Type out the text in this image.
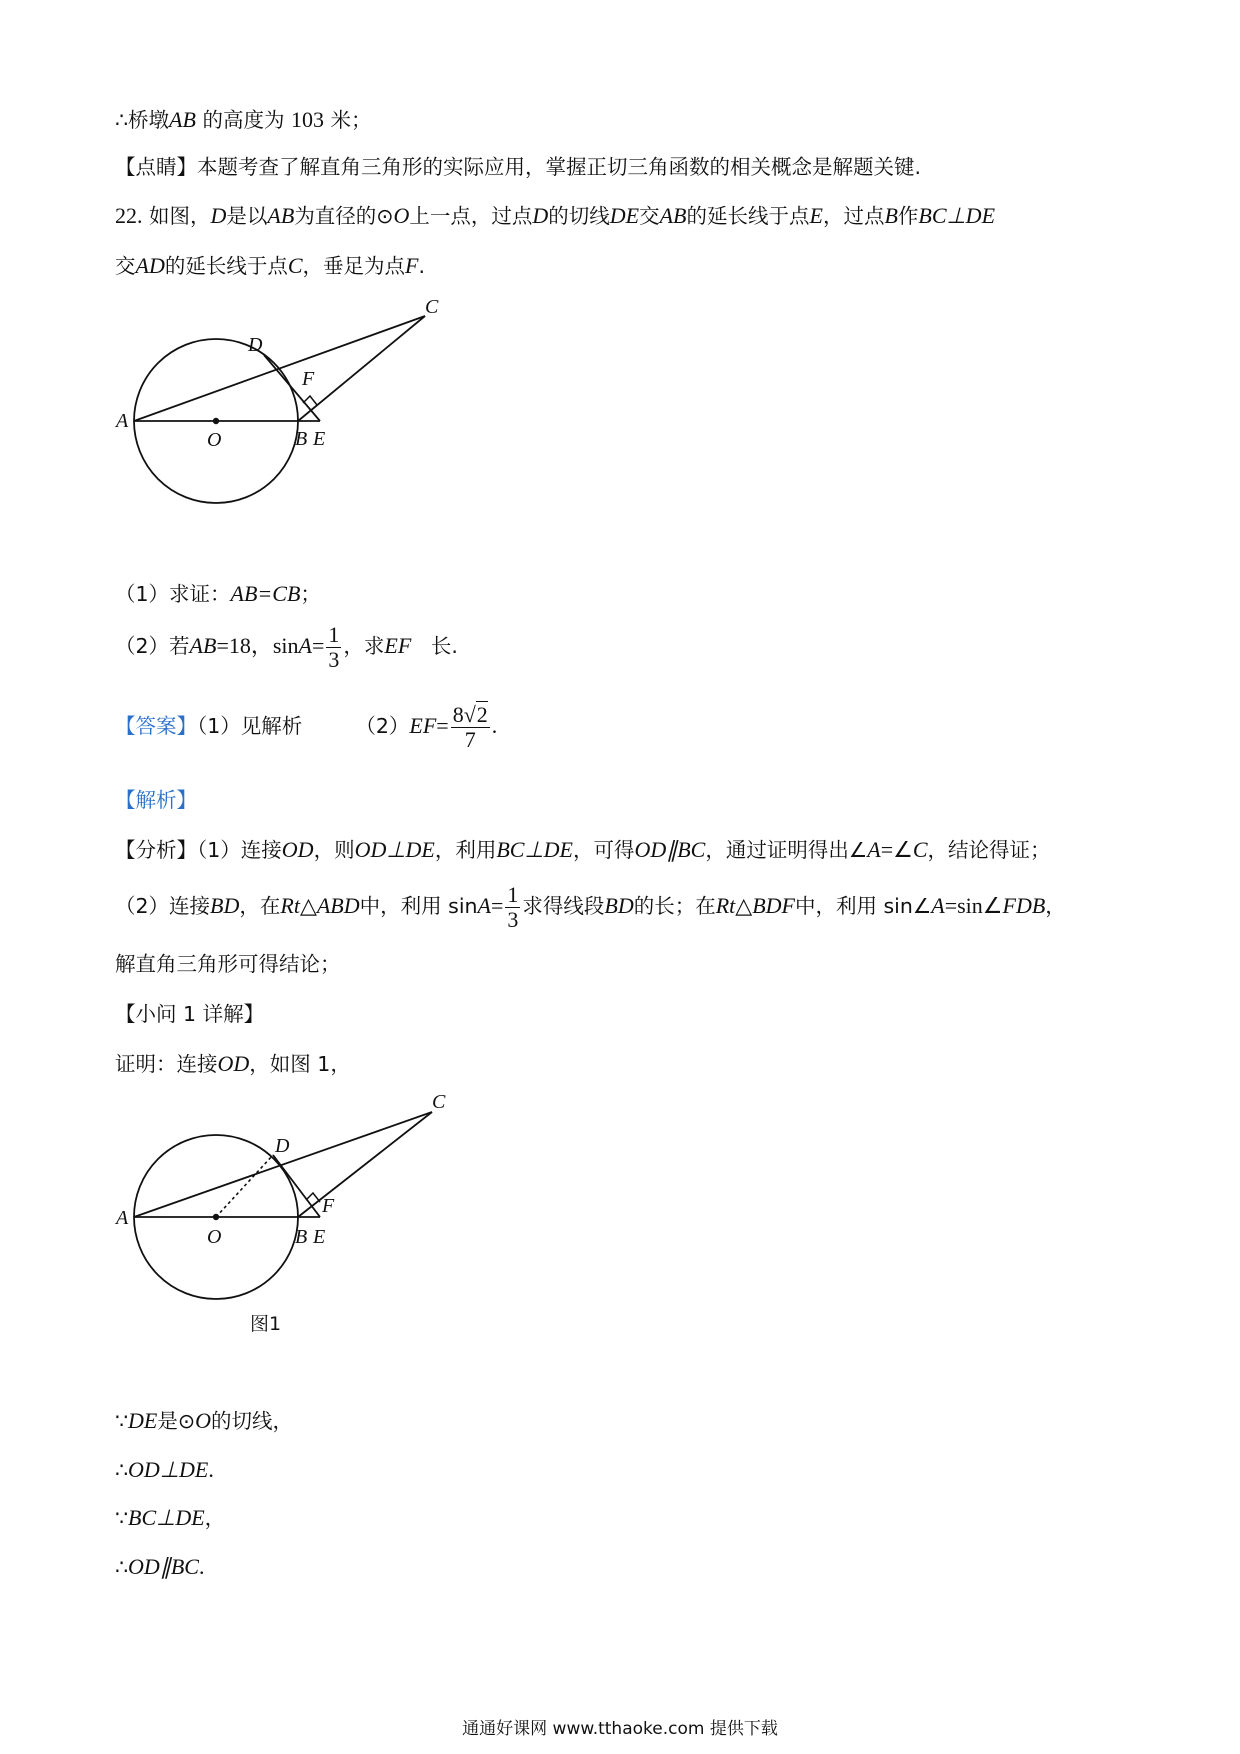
∴桥墩AB 的高度为 103 米；
【点睛】本题考查了解直角三角形的实际应用，掌握正切三角函数的相关概念是解题关键.
22. 如图，D是以AB为直径的⊙O上一点，过点D的切线DE交AB的延长线于点E，过点B作BC⊥DE
交AD的延长线于点C，垂足为点F.
A
O	B E
D
F
C
（1）求证：AB=CB；
（2）若AB=18，$\sin A= \frac{1}{3}$ ，求EF 长.
【答案】（1）见解析	$(2)EF= \frac{8√2}{7}$ .
【解析】
【分析】（1）连接OD，则OD⊥DE，利用BC⊥DE，可得OD∥BC，通过证明得出∠A=∠C，结论得证；
（2）连接BD，在Rt△ABD中，利用 $\sin A= \frac{1}{3}$ 求得线段BD的长；在Rt△BDF中，利用 sin∠A=sin∠FDB，
解直角三角形可得结论；
【小问 1 详解】
证明：连接OD，如图 1，
A
O	B E
D
F
C
图1
∵DE是⊙O的切线，
∴OD⊥DE.
∵BC⊥DE，
∴OD∥BC.
通通好课网 www.tthaoke.com 提供下载
